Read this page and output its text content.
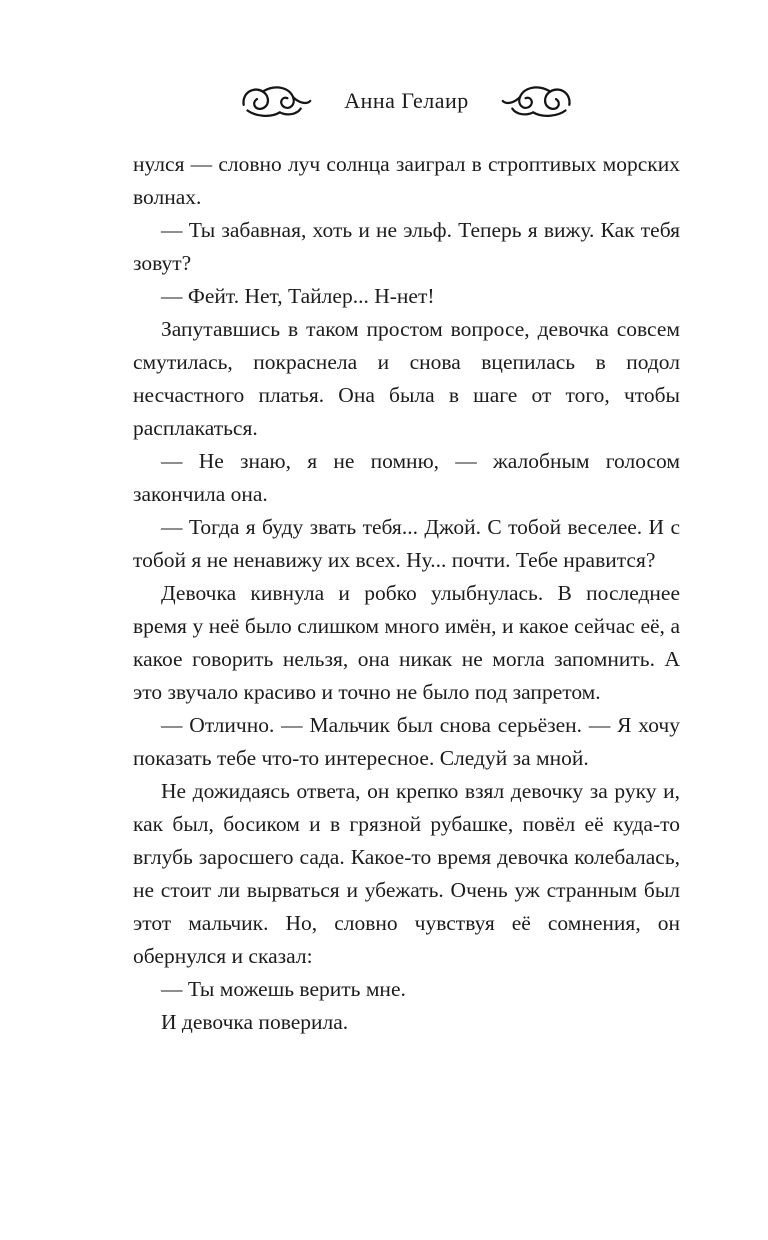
Анна Гелаир

нулся — словно луч солнца заиграл в строптивых морских волнах.

— Ты забавная, хоть и не эльф. Теперь я вижу. Как тебя зовут?

— Фейт. Нет, Тайлер... Н-нет!

Запутавшись в таком простом вопросе, девочка совсем смутилась, покраснела и снова вцепилась в подол несчастного платья. Она была в шаге от того, чтобы расплакаться.

— Не знаю, я не помню, — жалобным голосом закончила она.

— Тогда я буду звать тебя... Джой. С тобой веселее. И с тобой я не ненавижу их всех. Ну... почти. Тебе нравится?

Девочка кивнула и робко улыбнулась. В последнее время у неё было слишком много имён, и какое сейчас её, а какое говорить нельзя, она никак не могла запомнить. А это звучало красиво и точно не было под запретом.

— Отлично. — Мальчик был снова серьёзен. — Я хочу показать тебе что-то интересное. Следуй за мной.

Не дожидаясь ответа, он крепко взял девочку за руку и, как был, босиком и в грязной рубашке, повёл её куда-то вглубь заросшего сада. Какое-то время девочка колебалась, не стоит ли вырваться и убежать. Очень уж странным был этот мальчик. Но, словно чувствуя её сомнения, он обернулся и сказал:

— Ты можешь верить мне.

И девочка поверила.
